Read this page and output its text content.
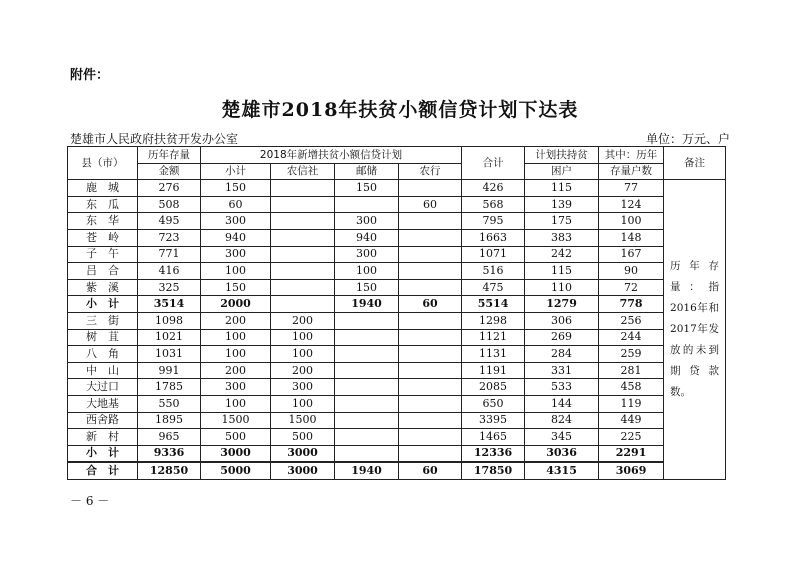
附件：
楚雄市2018年扶贫小额信贷计划下达表
楚雄市人民政府扶贫开发办公室	单位：万元、户
县（市）	历年存量	2018年新增扶贫小额信贷计划				合计	计划扶持贫	其中：历年	备注
	金额	小计	农信社	邮储	农行		困户	存量户数	
鹿　城	276	150		150		426	115	77	历年存量：指2016年和2017年发放的未到期贷款数。
东　瓜	508	60			60	568	139	124	
东　华	495	300		300		795	175	100	
苍　岭	723	940		940		1663	383	148	
子　午	771	300		300		1071	242	167	
吕　合	416	100		100		516	115	90	
紫　溪	325	150		150		475	110	72	
小　计	3514	2000		1940	60	5514	1279	778	
三　街	1098	200	200			1298	306	256	
树　苴	1021	100	100			1121	269	244	
八　角	1031	100	100			1131	284	259	
中　山	991	200	200			1191	331	281	
大过口	1785	300	300			2085	533	458	
大地基	550	100	100			650	144	119	
西舍路	1895	1500	1500			3395	824	449	
新　村	965	500	500			1465	345	225	
小　计	9336	3000	3000			12336	3036	2291	
合　计	12850	5000	3000	1940	60	17850	4315	3069	
－ 6 －
